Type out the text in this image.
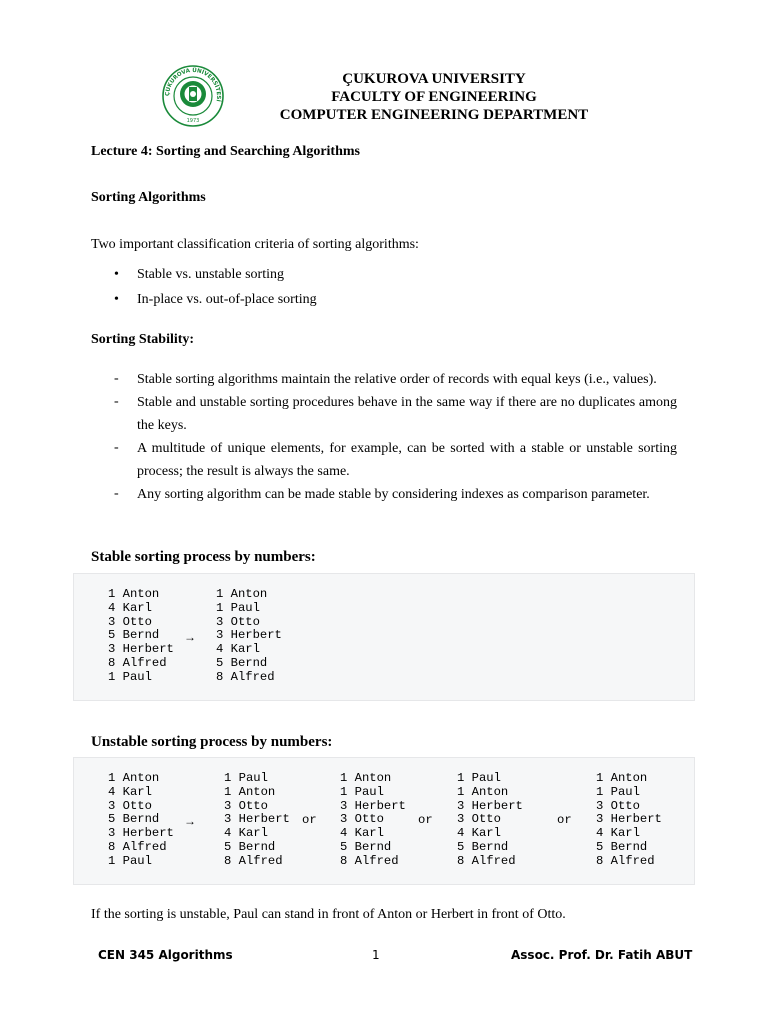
ÇUKUROVA ÜNİVERSİTESİ
1973
ÇUKUROVA UNIVERSITY
FACULTY OF ENGINEERING
COMPUTER ENGINEERING DEPARTMENT
Lecture 4: Sorting and Searching Algorithms
Sorting Algorithms
Two important classification criteria of sorting algorithms:
• Stable vs. unstable sorting
• In-place vs. out-of-place sorting
Sorting Stability:
- Stable sorting algorithms maintain the relative order of records with equal keys (i.e., values).
- Stable and unstable sorting procedures behave in the same way if there are no duplicates among the keys.
- A multitude of unique elements, for example, can be sorted with a stable or unstable sorting process; the result is always the same.
- Any sorting algorithm can be made stable by considering indexes as comparison parameter.
Stable sorting process by numbers:
1 Anton
4 Karl
3 Otto
5 Bernd
3 Herbert
8 Alfred
1 Paul
→
1 Anton
1 Paul
3 Otto
3 Herbert
4 Karl
5 Bernd
8 Alfred
Unstable sorting process by numbers:
1 Anton
4 Karl
3 Otto
5 Bernd
3 Herbert
8 Alfred
1 Paul
→
1 Paul
1 Anton
3 Otto
3 Herbert
4 Karl
5 Bernd
8 Alfred
or
1 Anton
1 Paul
3 Herbert
3 Otto
4 Karl
5 Bernd
8 Alfred
or
1 Paul
1 Anton
3 Herbert
3 Otto
4 Karl
5 Bernd
8 Alfred
or
1 Anton
1 Paul
3 Otto
3 Herbert
4 Karl
5 Bernd
8 Alfred
If the sorting is unstable, Paul can stand in front of Anton or Herbert in front of Otto.
CEN 345 Algorithms	1	Assoc. Prof. Dr. Fatih ABUT
